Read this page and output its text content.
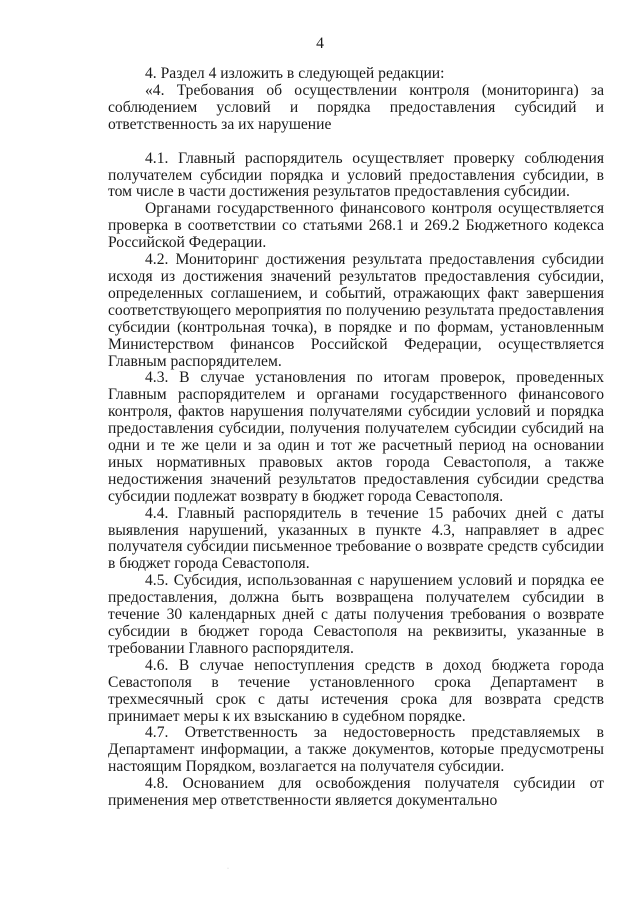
4

4. Раздел 4 изложить в следующей редакции:

«4. Требования об осуществлении контроля (мониторинга) за соблюдением условий и порядка предоставления субсидий и ответственность за их нарушение

4.1. Главный распорядитель осуществляет проверку соблюдения получателем субсидии порядка и условий предоставления субсидии, в том числе в части достижения результатов предоставления субсидии.

Органами государственного финансового контроля осуществляется проверка в соответствии со статьями 268.1 и 269.2 Бюджетного кодекса Российской Федерации.

4.2. Мониторинг достижения результата предоставления субсидии исходя из достижения значений результатов предоставления субсидии, определенных соглашением, и событий, отражающих факт завершения соответствующего мероприятия по получению результата предоставления субсидии (контрольная точка), в порядке и по формам, установленным Министерством финансов Российской Федерации, осуществляется Главным распорядителем.

4.3. В случае установления по итогам проверок, проведенных Главным распорядителем и органами государственного финансового контроля, фактов нарушения получателями субсидии условий и порядка предоставления субсидии, получения получателем субсидии субсидий на одни и те же цели и за один и тот же расчетный период на основании иных нормативных правовых актов города Севастополя, а также недостижения значений результатов предоставления субсидии средства субсидии подлежат возврату в бюджет города Севастополя.

4.4. Главный распорядитель в течение 15 рабочих дней с даты выявления нарушений, указанных в пункте 4.3, направляет в адрес получателя субсидии письменное требование о возврате средств субсидии в бюджет города Севастополя.

4.5. Субсидия, использованная с нарушением условий и порядка ее предоставления, должна быть возвращена получателем субсидии в течение 30 календарных дней с даты получения требования о возврате субсидии в бюджет города Севастополя на реквизиты, указанные в требовании Главного распорядителя.

4.6. В случае непоступления средств в доход бюджета города Севастополя в течение установленного срока Департамент в трехмесячный срок с даты истечения срока для возврата средств принимает меры к их взысканию в судебном порядке.

4.7. Ответственность за недостоверность представляемых в Департамент информации, а также документов, которые предусмотрены настоящим Порядком, возлагается на получателя субсидии.

4.8. Основанием для освобождения получателя субсидии от применения мер ответственности является документально

·
